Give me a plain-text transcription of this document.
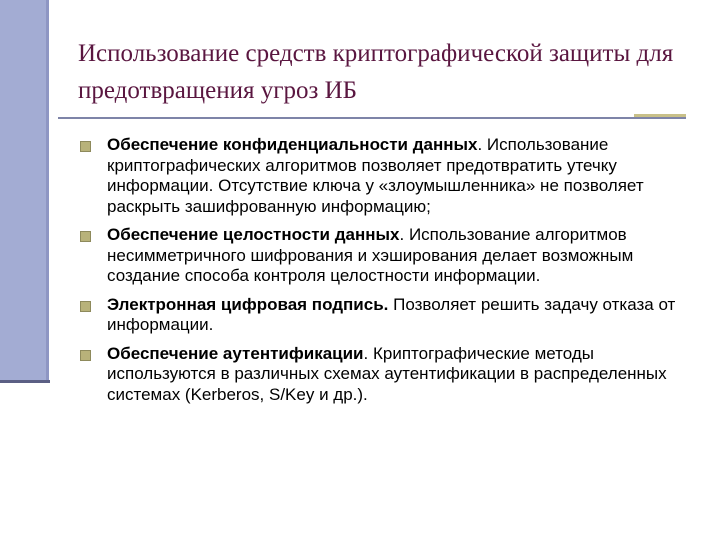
Использование средств криптографической защиты для предотвращения угроз ИБ
Обеспечение конфиденциальности данных. Использование криптографических алгоритмов позволяет предотвратить утечку информации. Отсутствие ключа у «злоумышленника» не позволяет раскрыть зашифрованную информацию;
Обеспечение целостности данных. Использование алгоритмов несимметричного шифрования и хэширования делает возможным создание способа контроля целостности информации.
Электронная цифровая подпись. Позволяет решить задачу отказа от информации.
Обеспечение аутентификации. Криптографические методы используются в различных схемах аутентификации в распределенных системах (Kerberos, S/Key и др.).
